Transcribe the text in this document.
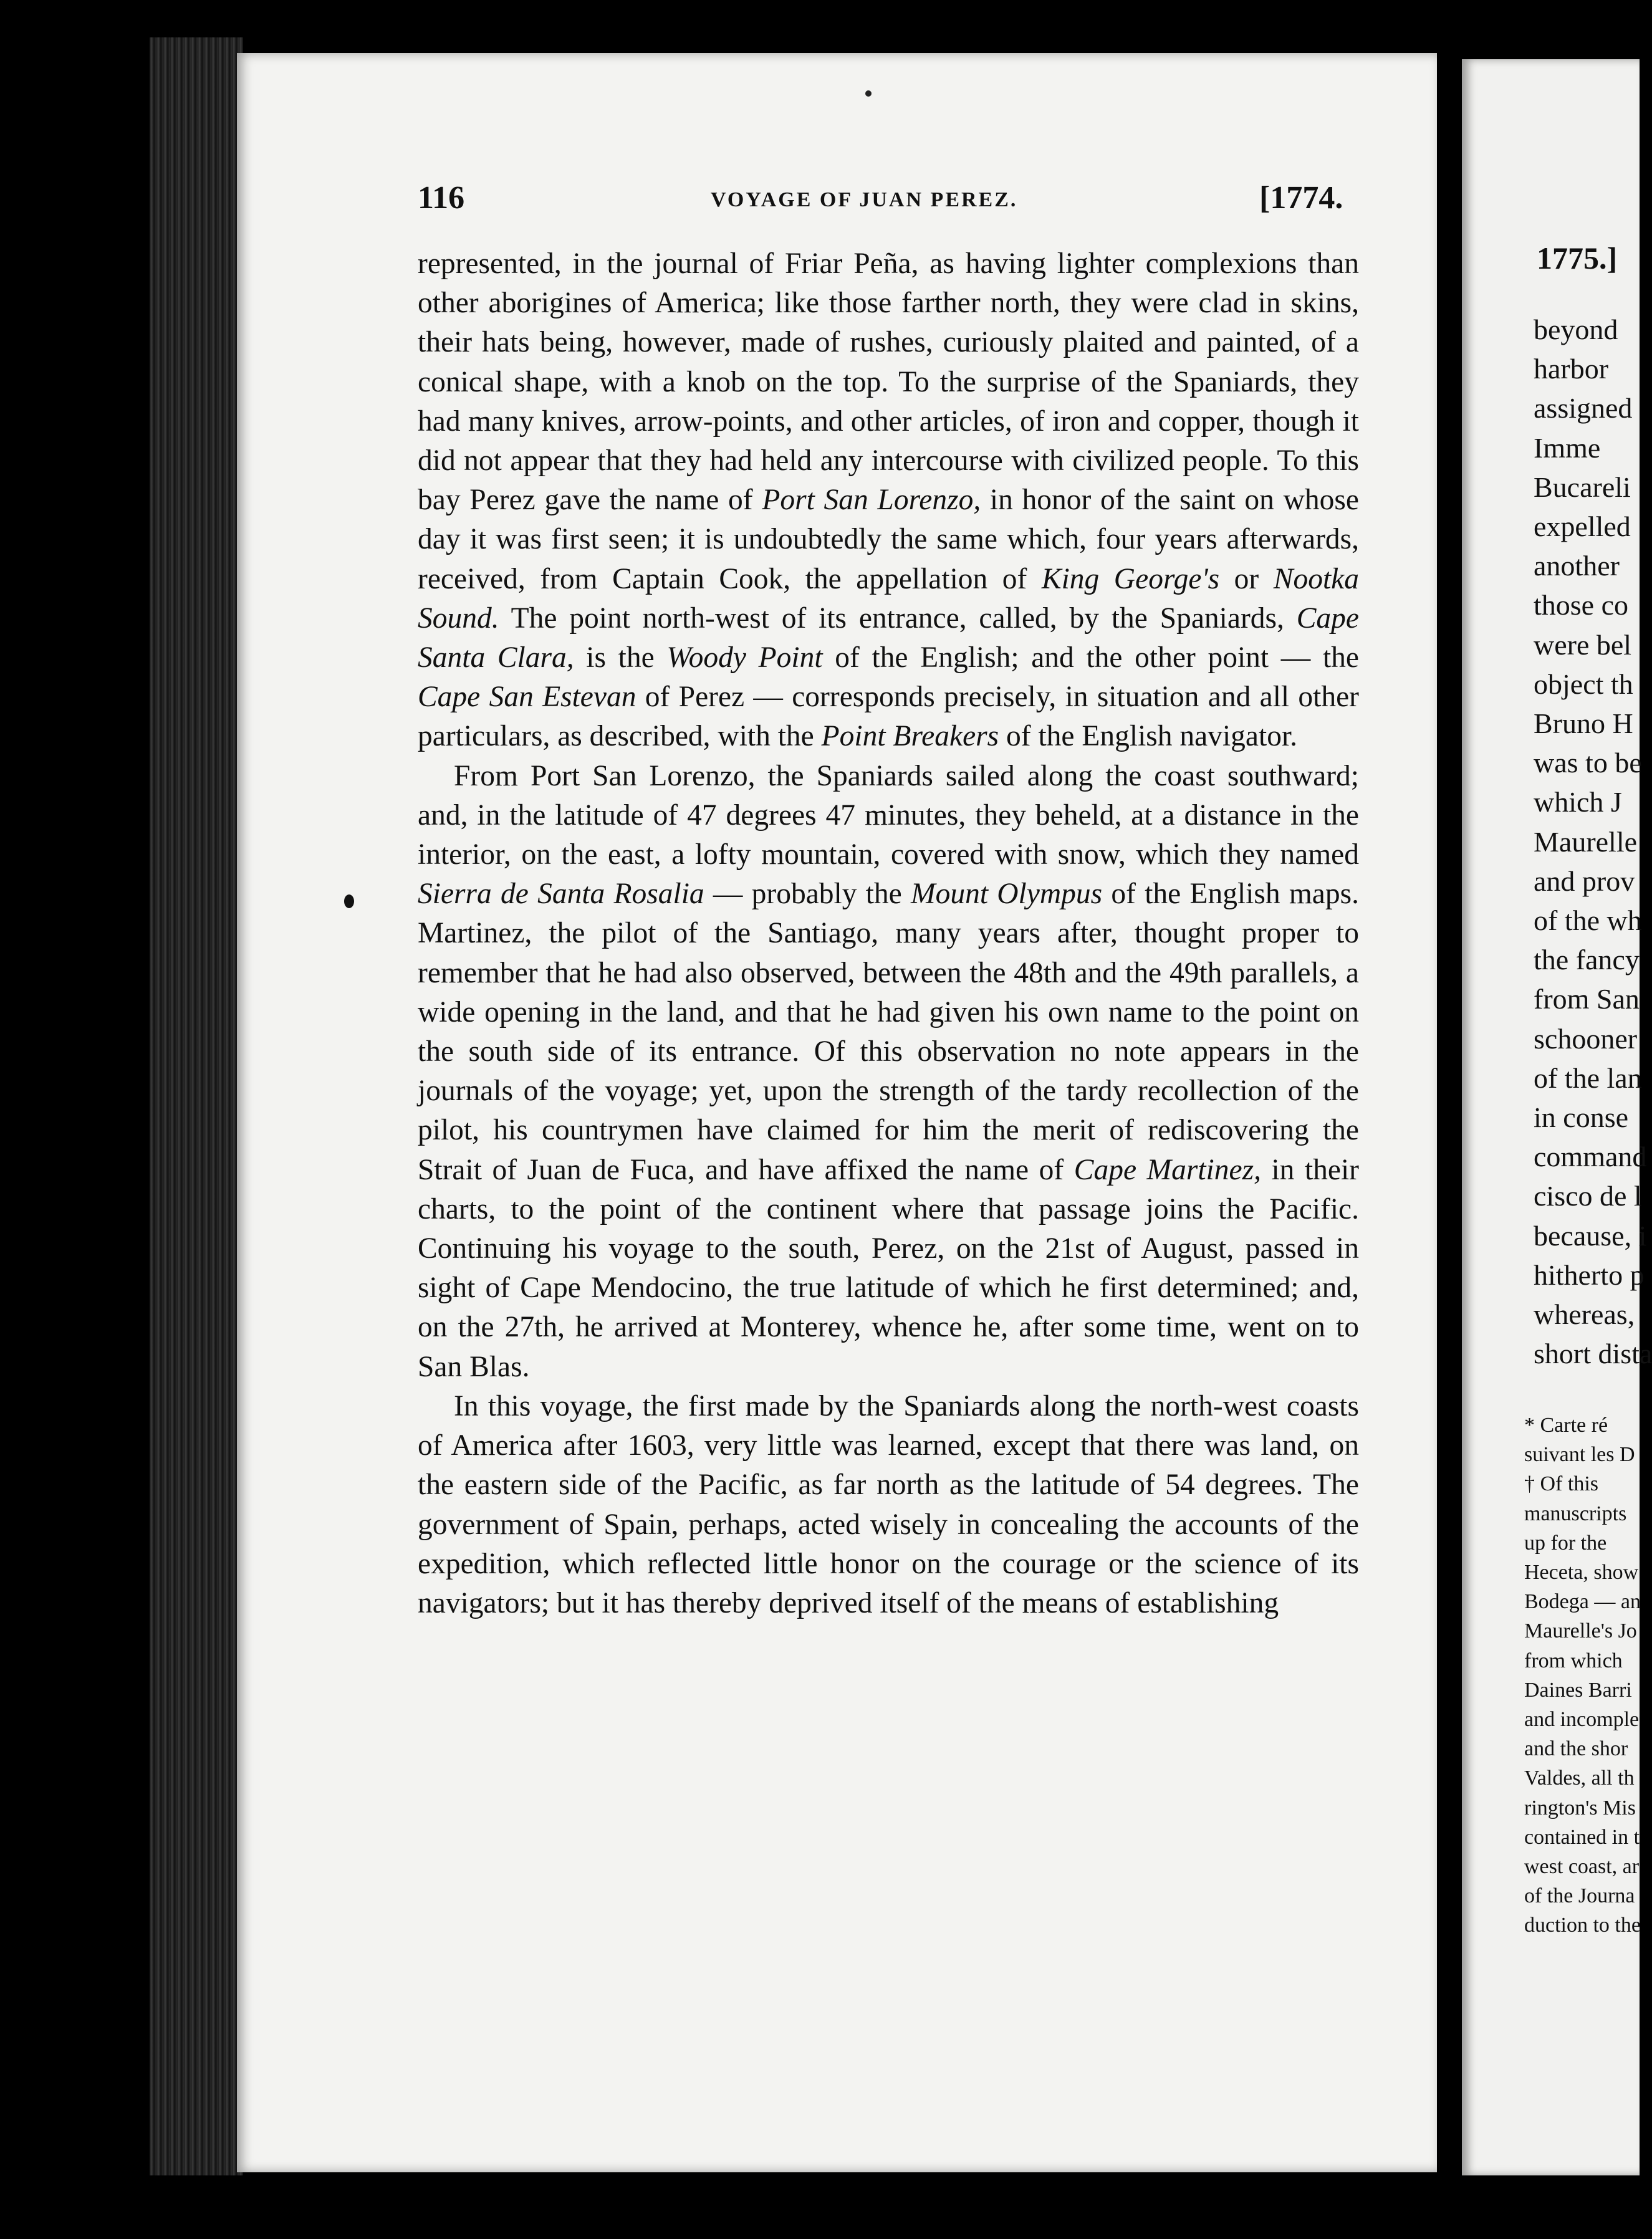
1775.]
beyond
harbor
assigned
Imme
Bucareli
expelled
another
those co
were bel
object th
Bruno H
was to be
which J
Maurelle
and prov
of the wh
the fancy
from San
schooner
of the lan
in conse
command
cisco de l
because, i
hitherto p
whereas,
short dista
* Carte ré
suivant les D
† Of this
manuscripts
up for the
Heceta, show
Bodega — an
Maurelle's Jo
from which
Daines Barri
and incomple
and the shor
Valdes, all th
rington's Mis
contained in t
west coast, ar
of the Journa
duction to the
116	VOYAGE OF JUAN PEREZ.	[1774.

represented, in the journal of Friar Peña, as having lighter complexions than other aborigines of America; like those farther north, they were clad in skins, their hats being, however, made of rushes, curiously plaited and painted, of a conical shape, with a knob on the top. To the surprise of the Spaniards, they had many knives, arrow-points, and other articles, of iron and copper, though it did not appear that they had held any intercourse with civilized people. To this bay Perez gave the name of Port San Lorenzo, in honor of the saint on whose day it was first seen; it is undoubtedly the same which, four years afterwards, received, from Captain Cook, the appellation of King George's or Nootka Sound. The point north-west of its entrance, called, by the Spaniards, Cape Santa Clara, is the Woody Point of the English; and the other point — the Cape San Estevan of Perez — corresponds precisely, in situation and all other particulars, as described, with the Point Breakers of the English navigator.

From Port San Lorenzo, the Spaniards sailed along the coast southward; and, in the latitude of 47 degrees 47 minutes, they beheld, at a distance in the interior, on the east, a lofty mountain, covered with snow, which they named Sierra de Santa Rosalia — probably the Mount Olympus of the English maps. Martinez, the pilot of the Santiago, many years after, thought proper to remember that he had also observed, between the 48th and the 49th parallels, a wide opening in the land, and that he had given his own name to the point on the south side of its entrance. Of this observation no note appears in the journals of the voyage; yet, upon the strength of the tardy recollection of the pilot, his countrymen have claimed for him the merit of rediscovering the Strait of Juan de Fuca, and have affixed the name of Cape Martinez, in their charts, to the point of the continent where that passage joins the Pacific. Continuing his voyage to the south, Perez, on the 21st of August, passed in sight of Cape Mendocino, the true latitude of which he first determined; and, on the 27th, he arrived at Monterey, whence he, after some time, went on to San Blas.

In this voyage, the first made by the Spaniards along the north-west coasts of America after 1603, very little was learned, except that there was land, on the eastern side of the Pacific, as far north as the latitude of 54 degrees. The government of Spain, perhaps, acted wisely in concealing the accounts of the expedition, which reflected little honor on the courage or the science of its navigators; but it has thereby deprived itself of the means of establishing
